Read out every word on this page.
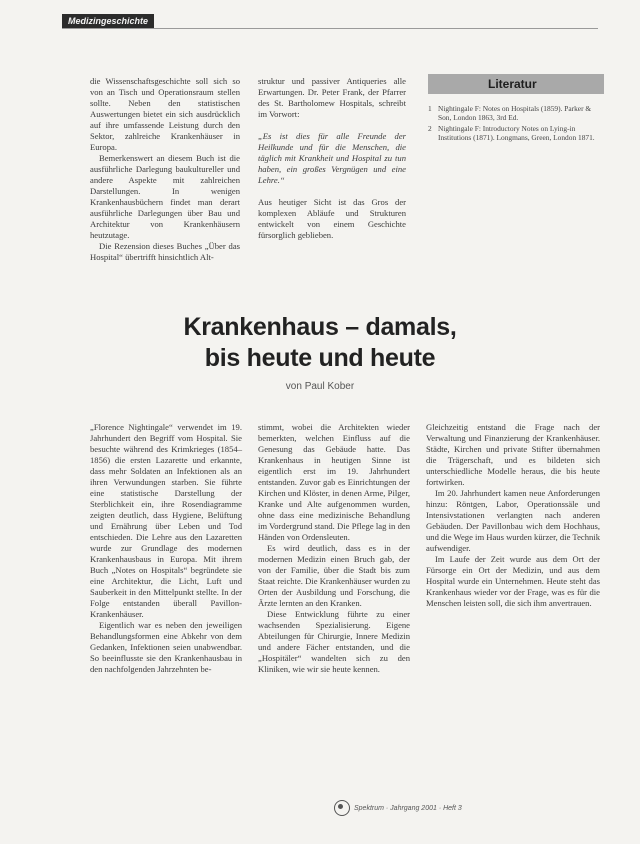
Medizingeschichte

die Wissenschaftsgeschichte soll sich so von an Tisch und Operationsraum stellen sollte. Neben den statistischen Auswertungen bietet ein sich ausdrücklich auf ihre umfassende Leistung durch den Sektor, zahlreiche Krankenhäuser in Europa.

Bemerkenswert an diesem Buch ist die ausführliche Darlegung baukultureller und andere Aspekte mit zahlreichen Darstellungen. In wenigen Krankenhausbüchern findet man derart ausführliche Darlegungen über Bau und Architektur von Krankenhäusern heutzutage.

Die Rezension dieses Buches „Über das Hospital“ übertrifft hinsichtlich Alt-

struktur und passiver Antiqueries alle Erwartungen. Dr. Peter Frank, der Pfarrer des St. Bartholomew Hospitals, schreibt im Vorwort:

„Es ist dies für alle Freunde der Heilkunde und für die Menschen, die täglich mit Krankheit und Hospital zu tun haben, ein großes Vergnügen und eine Lehre.“

Aus heutiger Sicht ist das Gros der komplexen Abläufe und Strukturen entwickelt von einem Geschichte fürsorglich geblieben.

Literatur
1 Nightingale F: Notes on Hospitals (1859). Parker & Son, London 1863, 3rd Ed.
2 Nightingale F: Introductory Notes on Lying-in Institutions (1871). Longmans, Green, London 1871.
Krankenhaus – damals,
bis heute und heute
von Paul Kober

„Florence Nightingale“ verwendet im 19. Jahrhundert den Begriff vom Hospital. Sie besuchte während des Krimkrieges (1854–1856) die ersten Lazarette und erkannte, dass mehr Soldaten an Infektionen als an ihren Verwundungen starben. Sie führte eine statistische Darstellung der Sterblichkeit ein, ihre Rosendiagramme zeigten deutlich, dass Hygiene, Belüftung und Ernährung über Leben und Tod entschieden. Die Lehre aus den Lazaretten wurde zur Grundlage des modernen Krankenhausbaus in Europa. Mit ihrem Buch „Notes on Hospitals“ begründete sie eine Architektur, die Licht, Luft und Sauberkeit in den Mittelpunkt stellte. In der Folge entstanden überall Pavillon-Krankenhäuser.

Eigentlich war es neben den jeweiligen Behandlungsformen eine Abkehr von dem Gedanken, Infektionen seien unabwendbar. So beeinflusste sie den Krankenhausbau in den nachfolgenden Jahrzehnten be-

stimmt, wobei die Architekten wieder bemerkten, welchen Einfluss auf die Genesung das Gebäude hatte. Das Krankenhaus in heutigen Sinne ist eigentlich erst im 19. Jahrhundert entstanden. Zuvor gab es Einrichtungen der Kirchen und Klöster, in denen Arme, Pilger, Kranke und Alte aufgenommen wurden, ohne dass eine medizinische Behandlung im Vordergrund stand. Die Pflege lag in den Händen von Ordensleuten.

Es wird deutlich, dass es in der modernen Medizin einen Bruch gab, der von der Familie, über die Stadt bis zum Staat reichte. Die Krankenhäuser wurden zu Orten der Ausbildung und Forschung, die Ärzte lernten an den Kranken.

Diese Entwicklung führte zu einer wachsenden Spezialisierung. Eigene Abteilungen für Chirurgie, Innere Medizin und andere Fächer entstanden, und die „Hospitäler“ wandelten sich zu den Kliniken, wie wir sie heute kennen.

Gleichzeitig entstand die Frage nach der Verwaltung und Finanzierung der Krankenhäuser. Städte, Kirchen und private Stifter übernahmen die Trägerschaft, und es bildeten sich unterschiedliche Modelle heraus, die bis heute fortwirken.

Im 20. Jahrhundert kamen neue Anforderungen hinzu: Röntgen, Labor, Operationssäle und Intensivstationen verlangten nach anderen Gebäuden. Der Pavillonbau wich dem Hochhaus, und die Wege im Haus wurden kürzer, die Technik aufwendiger.

Im Laufe der Zeit wurde aus dem Ort der Fürsorge ein Ort der Medizin, und aus dem Hospital wurde ein Unternehmen. Heute steht das Krankenhaus wieder vor der Frage, was es für die Menschen leisten soll, die sich ihm anvertrauen.

Spektrum · Jahrgang 2001 · Heft 3
